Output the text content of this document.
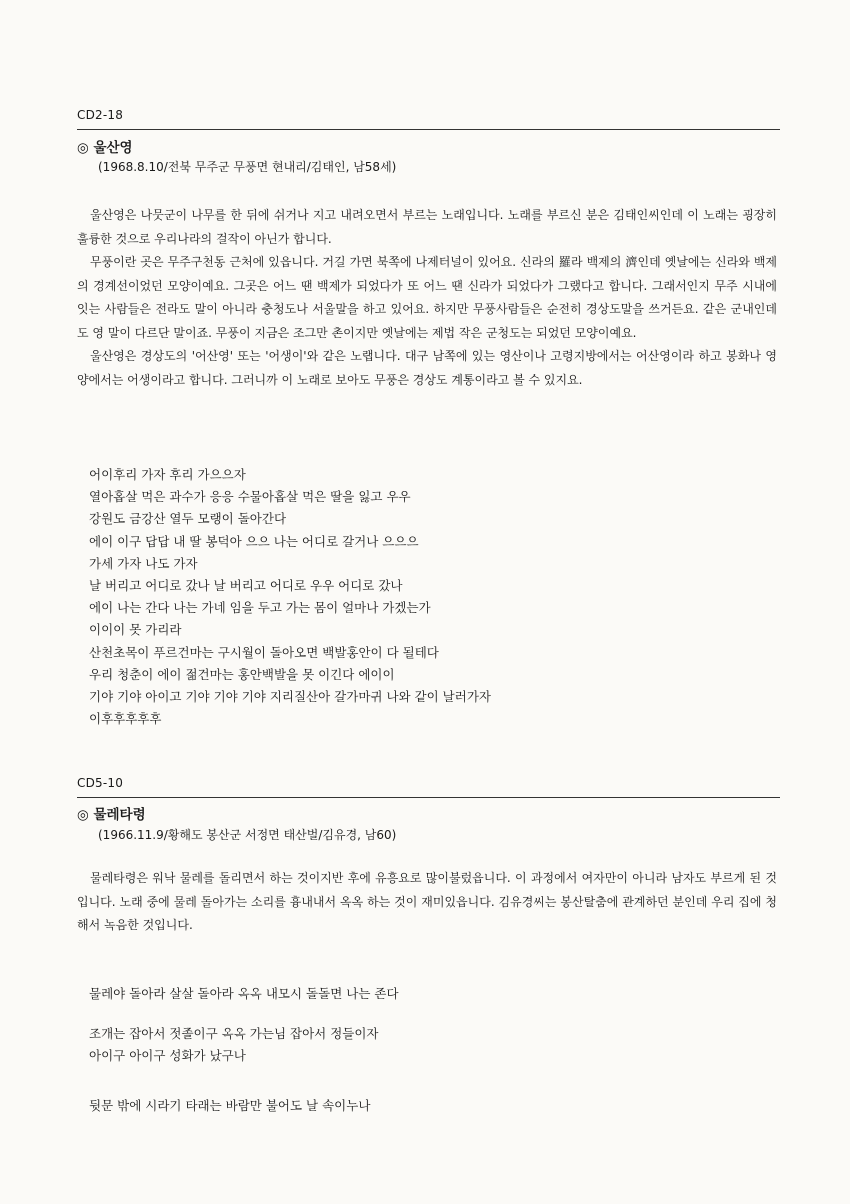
CD2-18
◎ 울산영
(1968.8.10/전북 무주군 무풍면 현내리/김태인, 남58세)

울산영은 나뭇군이 나무를 한 뒤에 쉬거나 지고 내려오면서 부르는 노래입니다. 노래를 부르신 분은 김태인씨인데 이 노래는 굉장히 훌륭한 것으로 우리나라의 걸작이 아닌가 합니다.

무풍이란 곳은 무주구천동 근처에 있읍니다. 거길 가면 북쪽에 나제터널이 있어요. 신라의 羅라 백제의 濟인데 옛날에는 신라와 백제의 경계선이었던 모양이예요. 그곳은 어느 땐 백제가 되었다가 또 어느 땐 신라가 되었다가 그랬다고 합니다. 그래서인지 무주 시내에 잇는 사람들은 전라도 말이 아니라 충청도나 서울말을 하고 있어요. 하지만 무풍사람들은 순전히 경상도말을 쓰거든요. 같은 군내인데도 영 말이 다르단 말이죠. 무풍이 지금은 조그만 촌이지만 옛날에는 제법 작은 군청도는 되었던 모양이예요.

울산영은 경상도의 '어산영' 또는 '어생이'와 같은 노랩니다. 대구 남쪽에 있는 영산이나 고령지방에서는 어산영이라 하고 봉화나 영양에서는 어생이라고 합니다. 그러니까 이 노래로 보아도 무풍은 경상도 계통이라고 볼 수 있지요.

어이후리 가자 후리 가으으자
열아홉살 먹은 과수가 응응 수물아홉살 먹은 딸을 잃고 우우
강원도 금강산 열두 모랭이 돌아간다
에이 이구 답답 내 딸 봉덕아 으으 나는 어디로 갈거나 으으으
가세 가자 나도 가자
날 버리고 어디로 갔나 날 버리고 어디로 우우 어디로 갔나
에이 나는 간다 나는 가네 임을 두고 가는 몸이 얼마나 가겠는가
이이이 못 가리라
산천초목이 푸르건마는 구시월이 돌아오면 백발홍안이 다 될테다
우리 청춘이 에이 젊건마는 홍안백발을 못 이긴다 에이이
기야 기야 아이고 기야 기야 기야 지리질산아 갈가마귀 나와 같이 날러가자
이후후후후후
CD5-10
◎ 물레타령
(1966.11.9/황해도 봉산군 서정면 태산벌/김유경, 남60)

물레타령은 워낙 물레를 돌리면서 하는 것이지반 후에 유흥요로 많이불렀읍니다. 이 과정에서 여자만이 아니라 남자도 부르게 된 것입니다. 노래 중에 물레 돌아가는 소리를 흉내내서 옥옥 하는 것이 재미있읍니다. 김유경씨는 봉산탈춤에 관계하던 분인데 우리 집에 청해서 녹음한 것입니다.

물레야 돌아라 살살 돌아라 옥옥 내모시 돌돌면 나는 존다
조개는 잡아서 젓졸이구 옥옥 가는님 잡아서 정들이자
아이구 아이구 성화가 났구나
뒷문 밖에 시라기 타래는 바람만 불어도 날 속이누나
